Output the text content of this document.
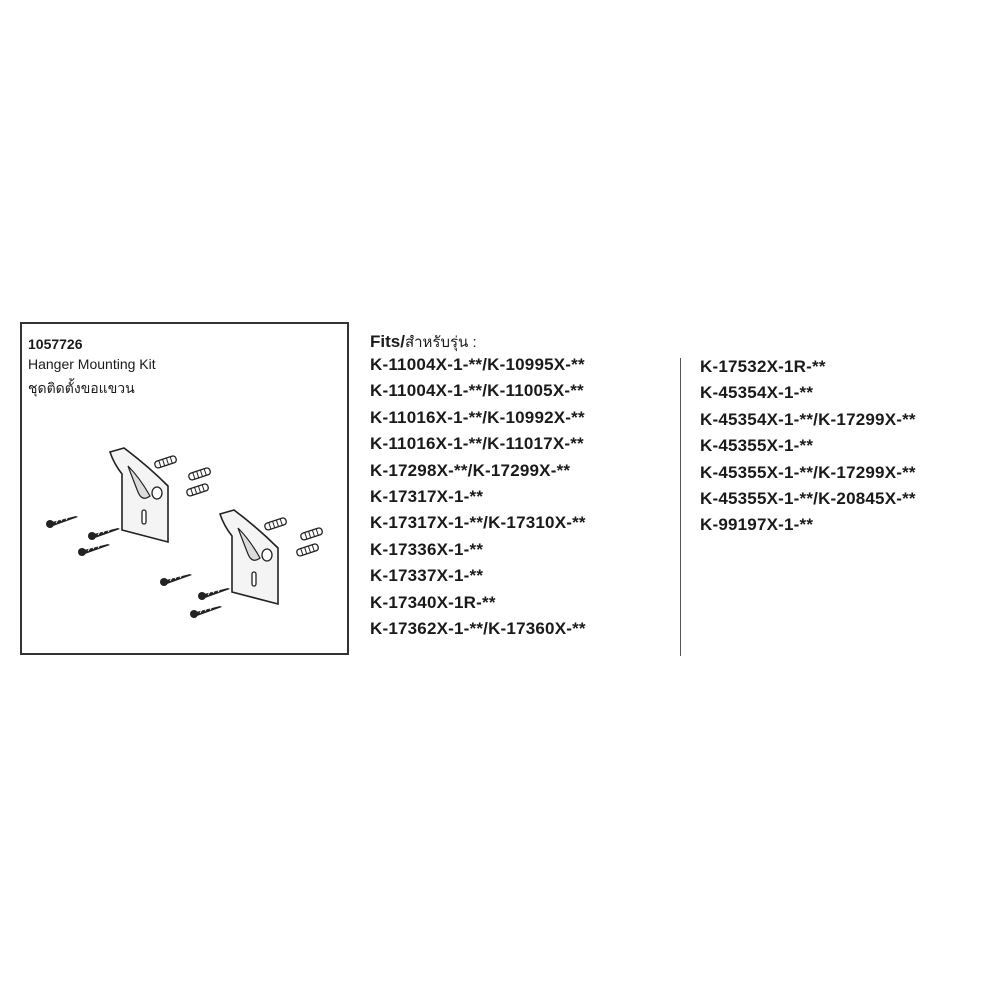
1057726
Hanger Mounting Kit
ชุดติดตั้งขอแขวน
Fits/สำหรับรุ่น :
K-11004X-1-**/K-10995X-**
K-11004X-1-**/K-11005X-**
K-11016X-1-**/K-10992X-**
K-11016X-1-**/K-11017X-**
K-17298X-**/K-17299X-**
K-17317X-1-**
K-17317X-1-**/K-17310X-**
K-17336X-1-**
K-17337X-1-**
K-17340X-1R-**
K-17362X-1-**/K-17360X-**
K-17532X-1R-**
K-45354X-1-**
K-45354X-1-**/K-17299X-**
K-45355X-1-**
K-45355X-1-**/K-17299X-**
K-45355X-1-**/K-20845X-**
K-99197X-1-**
